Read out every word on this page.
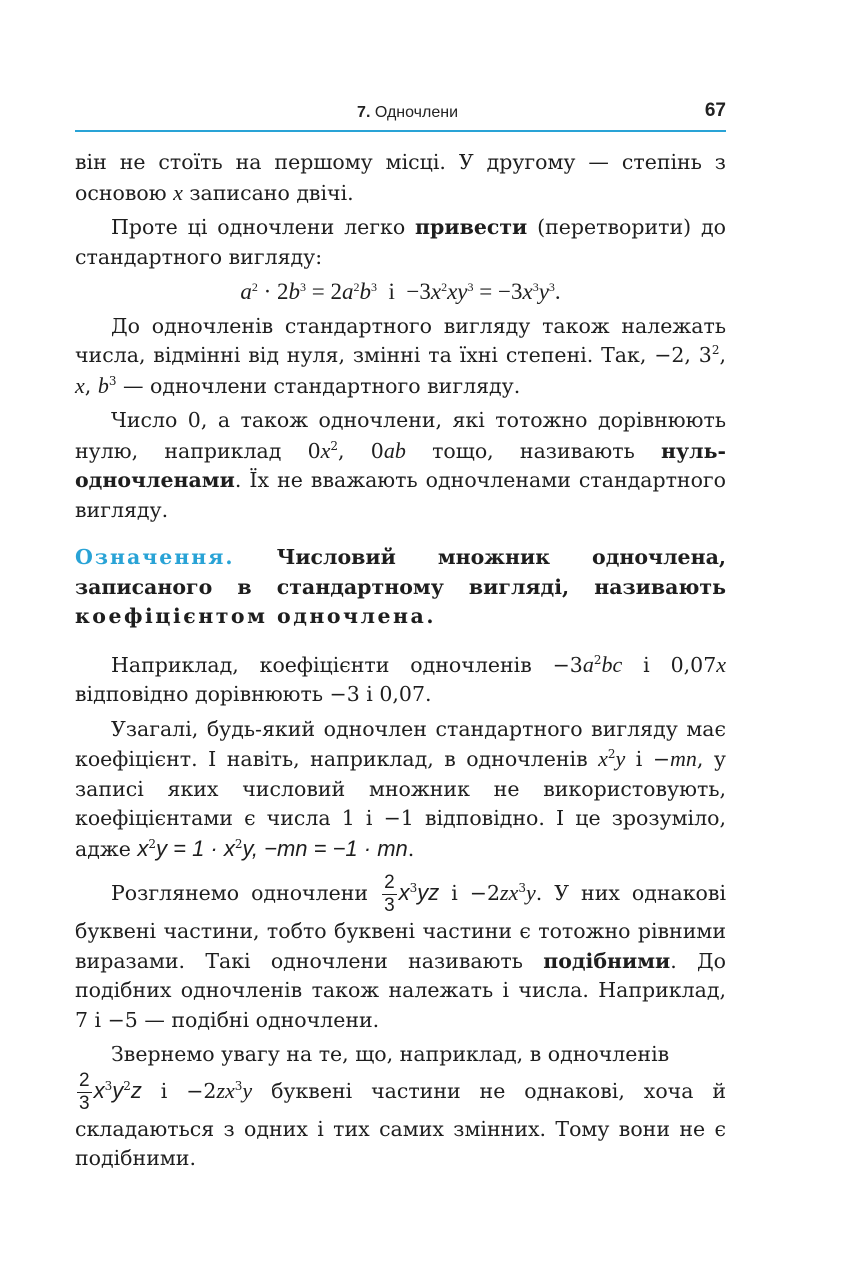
7. Одночлени	67

він не стоїть на першому місці. У другому — степінь з основою x записано двічі.

Проте ці одночлени легко привести (перетворити) до стандартного вигляду:

$a^2 \cdot 2b^3 = 2a^2b^3$  $і -3x^2xy^3 = -3x^3y^3$.

До одночленів стандартного вигляду також належать числа, відмінні від нуля, змінні та їхні степені. Так, −2, $3^2$, x, $b^3$ — одночлени стандартного вигляду.

Число 0, а також одночлени, які тотожно дорівнюють нулю, наприклад $0x^2$, 0ab тощо, називають нуль-одночленами. Їх не вважають одночленами стандартного вигляду.

Означення. Числовий множник одночлена, записаного в стандартному вигляді, називають коефіцієнтом одночлена.

Наприклад, коефіцієнти одночленів $-3a^2bc$ і 0,07x відповідно дорівнюють −3 і 0,07.

Узагалі, будь-який одночлен стандартного вигляду має коефіцієнт. І навіть, наприклад, в одночленів $x^2y$ і −mn, у записі яких числовий множник не використовують, коефіцієнтами є числа 1 і −1 відповідно. І це зрозуміло, адже $x^2y = 1 \cdot x^2y$, −mn = −1 · mn.

Розглянемо одночлени $\frac{2}{3} x^3yz$ $і -2zx^3y$. У них однакові буквені частини, тобто буквені частини є тотожно рівними виразами. Такі одночлени називають подібними. До подібних одночленів також належать і числа. Наприклад, 7 і −5 — подібні одночлени.

Звернемо увагу на те, що, наприклад, в одночленів

$\frac{2}{3} x^3y^2z$ $і -2zx^3y$ буквені частини не однакові, хоча й складаються з одних і тих самих змінних. Тому вони не є подібними.
